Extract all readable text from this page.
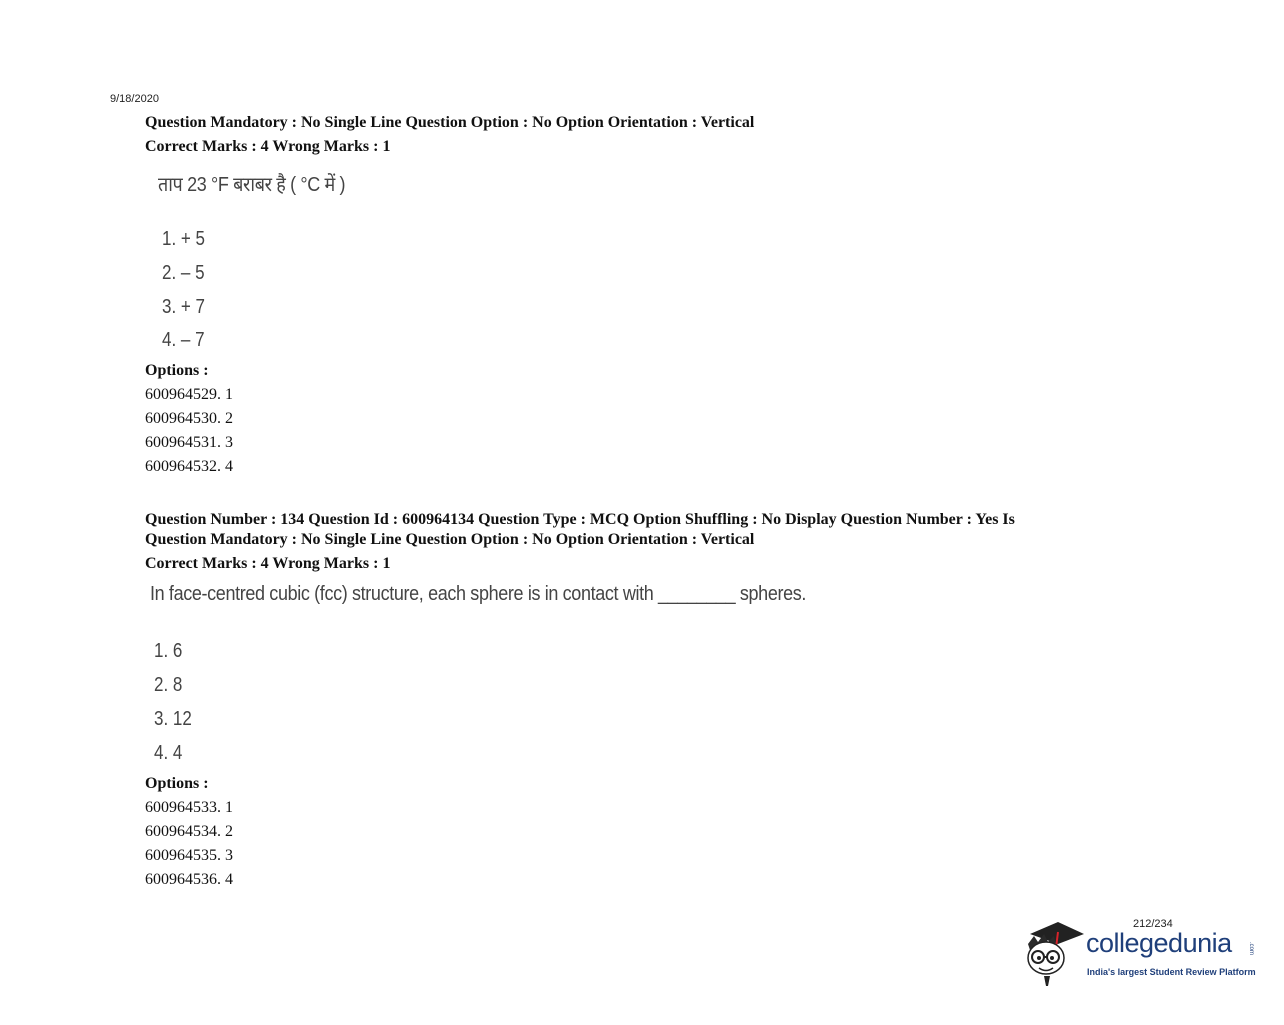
9/18/2020
Question Mandatory : No Single Line Question Option : No Option Orientation : Vertical
Correct Marks : 4 Wrong Marks : 1
ताप 23 °F बराबर है ( °C में )
1. + 5
2. – 5
3. + 7
4. – 7
Options :
600964529. 1
600964530. 2
600964531. 3
600964532. 4
Question Number : 134 Question Id : 600964134 Question Type : MCQ Option Shuffling : No Display Question Number : Yes Is
Question Mandatory : No Single Line Question Option : No Option Orientation : Vertical
Correct Marks : 4 Wrong Marks : 1
In face-centred cubic (fcc) structure, each sphere is in contact with ________ spheres.
1. 6
2. 8
3. 12
4. 4
Options :
600964533. 1
600964534. 2
600964535. 3
600964536. 4
212/234
collegedunia	.com
India's largest Student Review Platform
